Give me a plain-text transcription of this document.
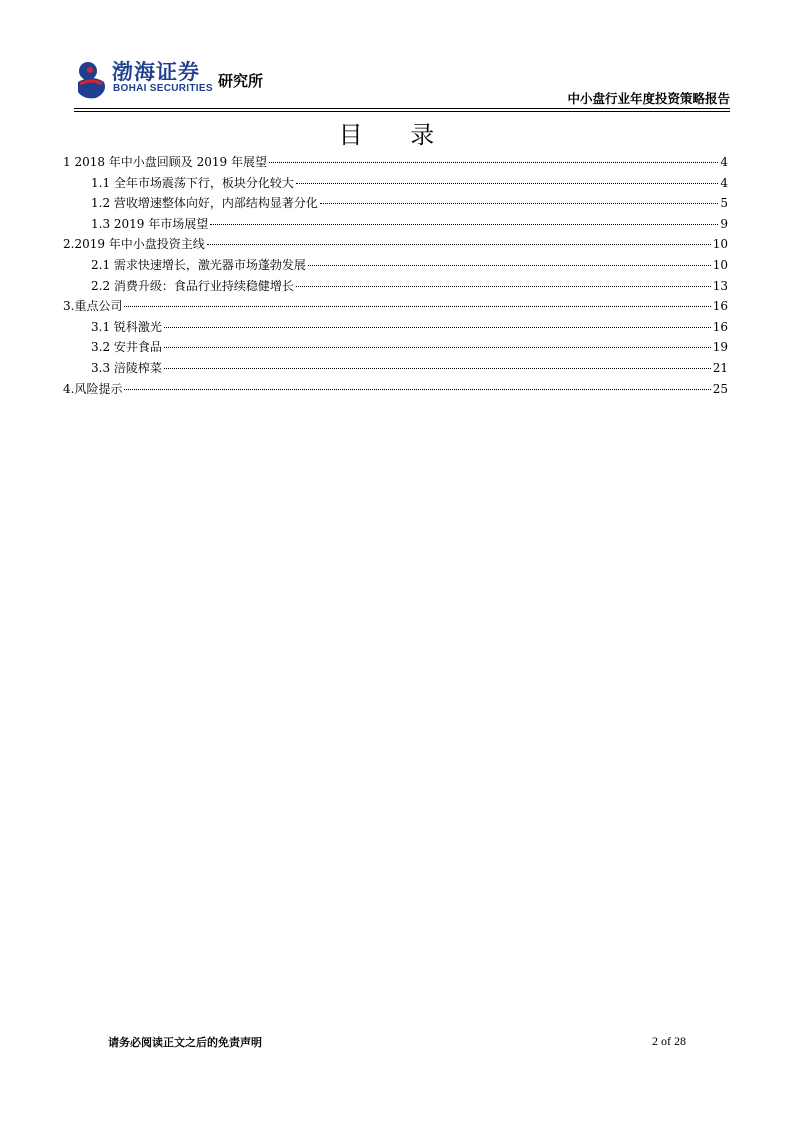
渤海证券
BOHAI SECURITIES 研究所
中小盘行业年度投资策略报告
目 录
1 2018 年中小盘回顾及 2019 年展望	4
1.1 全年市场震荡下行，板块分化较大	4
1.2 营收增速整体向好，内部结构显著分化	5
1.3 2019 年市场展望	9
2.2019 年中小盘投资主线	10
2.1 需求快速增长，激光器市场蓬勃发展	10
2.2 消费升级：食品行业持续稳健增长	13
3.重点公司	16
3.1 锐科激光	16
3.2 安井食品	19
3.3 涪陵榨菜	21
4.风险提示	25
请务必阅读正文之后的免责声明	2 of 28
